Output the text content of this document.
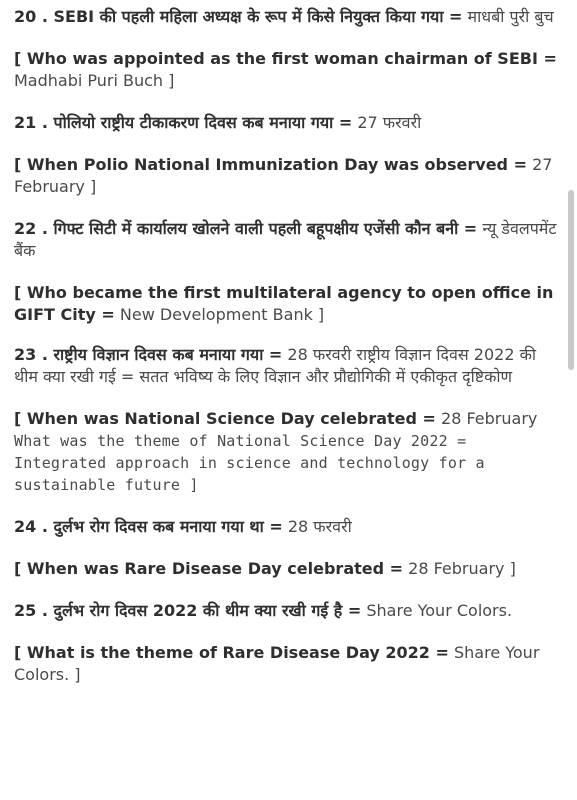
20 . SEBI की पहली महिला अध्यक्ष के रूप में किसे नियुक्त किया गया = माधबी पुरी बुच

[ Who was appointed as the first woman chairman of SEBI = Madhabi Puri Buch ]

21 . पोलियो राष्ट्रीय टीकाकरण दिवस कब मनाया गया = 27 फरवरी

[ When Polio National Immunization Day was observed = 27 February ]

22 . गिफ्ट सिटी में कार्यालय खोलने वाली पहली बहूपक्षीय एजेंसी कौन बनी = न्यू डेवलपमेंट बैंक

[ Who became the first multilateral agency to open office in GIFT City = New Development Bank ]

23 . राष्ट्रीय विज्ञान दिवस कब मनाया गया = 28 फरवरी राष्ट्रीय विज्ञान दिवस 2022 की थीम क्या रखी गई = सतत भविष्य के लिए विज्ञान और प्रौद्योगिकी में एकीकृत दृष्टिकोण

[ When was National Science Day celebrated = 28 February What was the theme of National Science Day 2022 = Integrated approach in science and technology for a sustainable future ]

24 . दुर्लभ रोग दिवस कब मनाया गया था = 28 फरवरी

[ When was Rare Disease Day celebrated = 28 February ]

25 . दुर्लभ रोग दिवस 2022 की थीम क्या रखी गई है = Share Your Colors.

[ What is the theme of Rare Disease Day 2022 = Share Your Colors. ]
